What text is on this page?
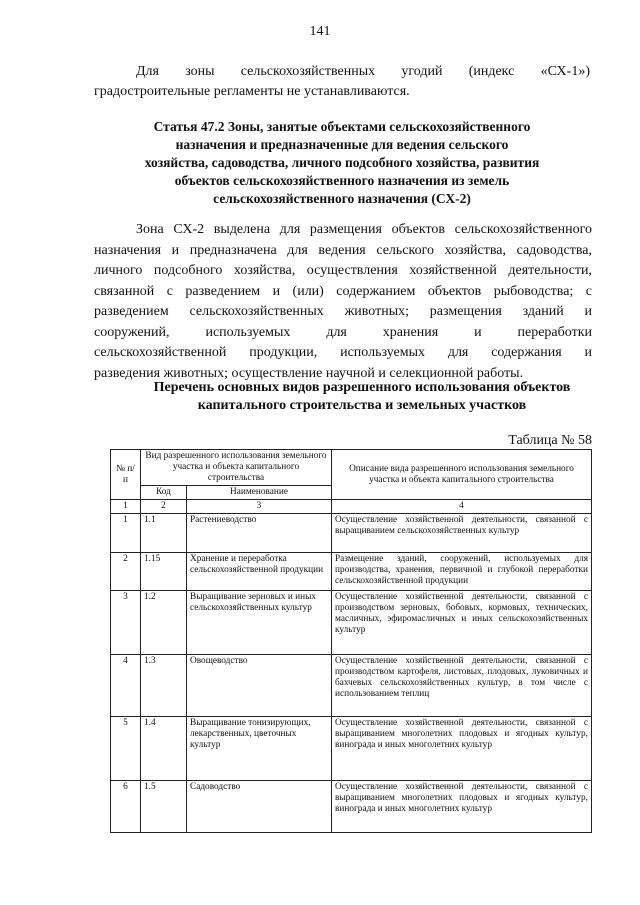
141
Для зоны сельскохозяйственных угодий (индекс «СХ-1»)
градостроительные регламенты не устанавливаются.
Статья 47.2 Зоны, занятые объектами сельскохозяйственного
назначения и предназначенные для ведения сельского
хозяйства, садоводства, личного подсобного хозяйства, развития
объектов сельскохозяйственного назначения из земель
сельскохозяйственного назначения (СХ-2)
Зона СХ-2 выделена для размещения объектов сельскохозяйственного
назначения и предназначена для ведения сельского хозяйства, садоводства,
личного подсобного хозяйства, осуществления хозяйственной деятельности,
связанной с разведением и (или) содержанием объектов рыбоводства; с
разведением сельскохозяйственных животных; размещения зданий и
сооружений, используемых для хранения и переработки
сельскохозяйственной продукции, используемых для содержания и
разведения животных; осуществление научной и селекционной работы.
Перечень основных видов разрешенного использования объектов
капитального строительства и земельных участков
Таблица № 58
№ п/п	Вид разрешенного использования земельного участка и объекта капитального строительства		Описание вида разрешенного использования земельного участка и объекта капитального строительства
	Код	Наименование	
1	2	3	4
1	1.1	Растениеводство	Осуществление хозяйственной деятельности, связанной с выращиванием сельскохозяйственных культур
2	1.15	Хранение и переработка сельскохозяйственной продукции	Размещение зданий, сооружений, используемых для производства, хранения, первичной и глубокой переработки сельскохозяйственной продукции
3	1.2	Выращивание зерновых и иных сельскохозяйственных культур	Осуществление хозяйственной деятельности, связанной с производством зерновых, бобовых, кормовых, технических, масличных, эфиромасличных и иных сельскохозяйственных культур
4	1.3	Овощеводство	Осуществление хозяйственной деятельности, связанной с производством картофеля, листовых, плодовых, луковичных и бахчевых сельскохозяйственных культур, в том числе с использованием теплиц
5	1.4	Выращивание тонизирующих, лекарственных, цветочных культур	Осуществление хозяйственной деятельности, связанной с выращиванием многолетних плодовых и ягодных культур, винограда и иных многолетних культур
6	1.5	Садоводство	Осуществление хозяйственной деятельности, связанной с выращиванием многолетних плодовых и ягодных культур, винограда и иных многолетних культур
